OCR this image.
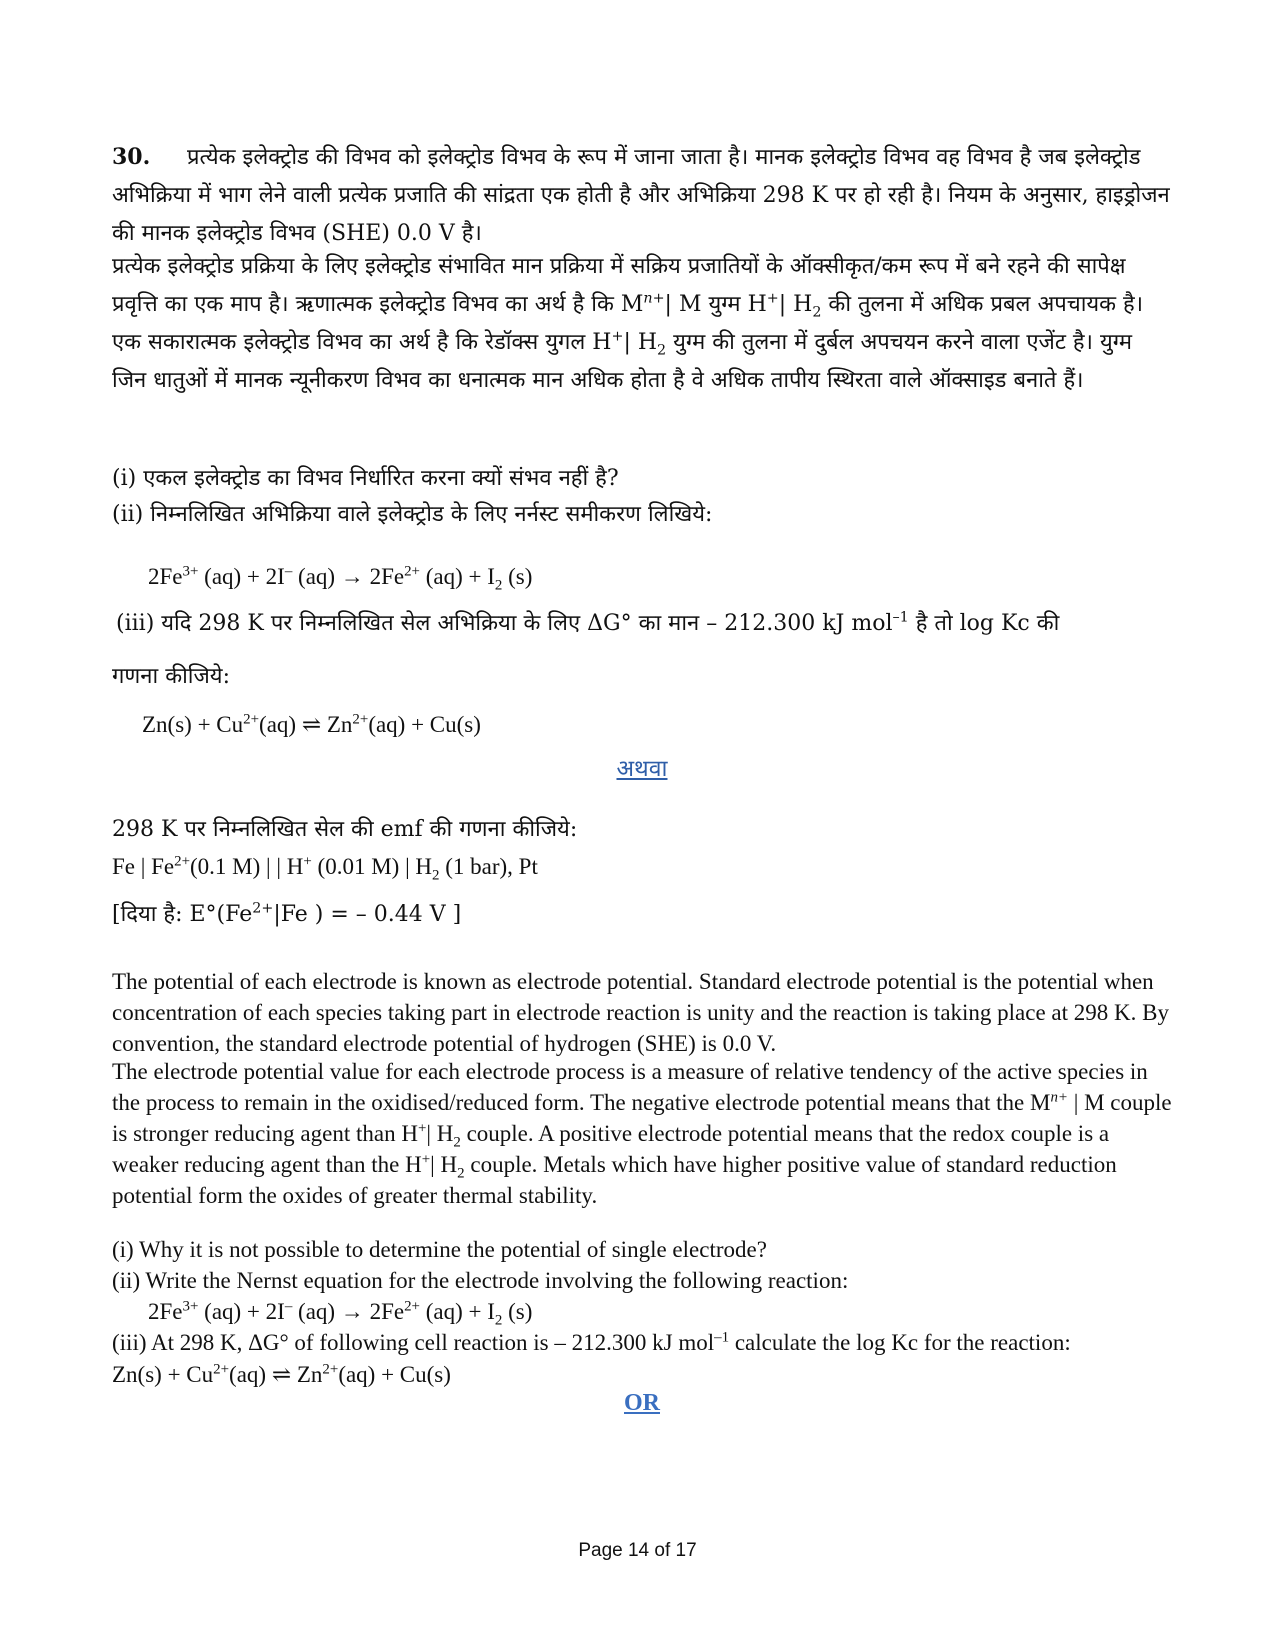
30. प्रत्येक इलेक्ट्रोड की विभव को इलेक्ट्रोड विभव के रूप में जाना जाता है। मानक इलेक्ट्रोड विभव वह विभव है जब इलेक्ट्रोड अभिक्रिया में भाग लेने वाली प्रत्येक प्रजाति की सांद्रता एक होती है और अभिक्रिया 298 K पर हो रही है। नियम के अनुसार, हाइड्रोजन की मानक इलेक्ट्रोड विभव (SHE) 0.0 V है।

प्रत्येक इलेक्ट्रोड प्रक्रिया के लिए इलेक्ट्रोड संभावित मान प्रक्रिया में सक्रिय प्रजातियों के ऑक्सीकृत/कम रूप में बने रहने की सापेक्ष प्रवृत्ति का एक माप है। ऋणात्मक इलेक्ट्रोड विभव का अर्थ है कि $M^{n+}|$ M युग्म H+| $H_2$ की तुलना में अधिक प्रबल अपचायक है। एक सकारात्मक इलेक्ट्रोड विभव का अर्थ है कि रेडॉक्स युगल H+| $H_2$ युग्म की तुलना में दुर्बल अपचयन करने वाला एजेंट है। युग्म जिन धातुओं में मानक न्यूनीकरण विभव का धनात्मक मान अधिक होता है वे अधिक तापीय स्थिरता वाले ऑक्साइड बनाते हैं।

(i) एकल इलेक्ट्रोड का विभव निर्धारित करना क्यों संभव नहीं है?

(ii) निम्नलिखित अभिक्रिया वाले इलेक्ट्रोड के लिए नर्नस्ट समीकरण लिखिये:

$2Fe^{3+}$ (aq) + 2I– $(aq) \to 2Fe^{2+}$ $(aq) + I_2$ (s)

(iii) यदि 298 K पर निम्नलिखित सेल अभिक्रिया के लिए ΔG° का मान – 212.300 kJ mol$^{-1}$ है तो log Kc की

गणना कीजिये:

$Zn(s) + Cu^{2+}(aq)$ ⇌ $Zn^{2+}(aq) + Cu(s)$
अथवा

298 K पर निम्नलिखित सेल की emf की गणना कीजिये:

Fe | $Fe^{2+}(0.1$ M) | | H+ (0.01 M) | $H_2$ (1 bar), Pt

[दिया है: $E^\circ(Fe^{2+}|Fe$ ) = – 0.44 V ]

The potential of each electrode is known as electrode potential. Standard electrode potential is the potential when concentration of each species taking part in electrode reaction is unity and the reaction is taking place at 298 K. By convention, the standard electrode potential of hydrogen (SHE) is 0.0 V.

The electrode potential value for each electrode process is a measure of relative tendency of the active species in the process to remain in the oxidised/reduced form. The negative electrode potential means that the $M^{n+}$ | M couple is stronger reducing agent than H+| $H_2$ couple. A positive electrode potential means that the redox couple is a weaker reducing agent than the H+| $H_2$ couple. Metals which have higher positive value of standard reduction potential form the oxides of greater thermal stability.

(i) Why it is not possible to determine the potential of single electrode?

(ii) Write the Nernst equation for the electrode involving the following reaction:

$2Fe^{3+}$ (aq) + 2I– $(aq) \to 2Fe^{2+}$ $(aq) + I_2$ (s)

(iii) At 298 K, ΔG° of following cell reaction is – 212.300 kJ mol$^{-1}$ calculate the log Kc for the reaction:

$Zn(s) + Cu^{2+}(aq)$ ⇌ $Zn^{2+}(aq) + Cu(s)$
OR
Page 14 of 17
